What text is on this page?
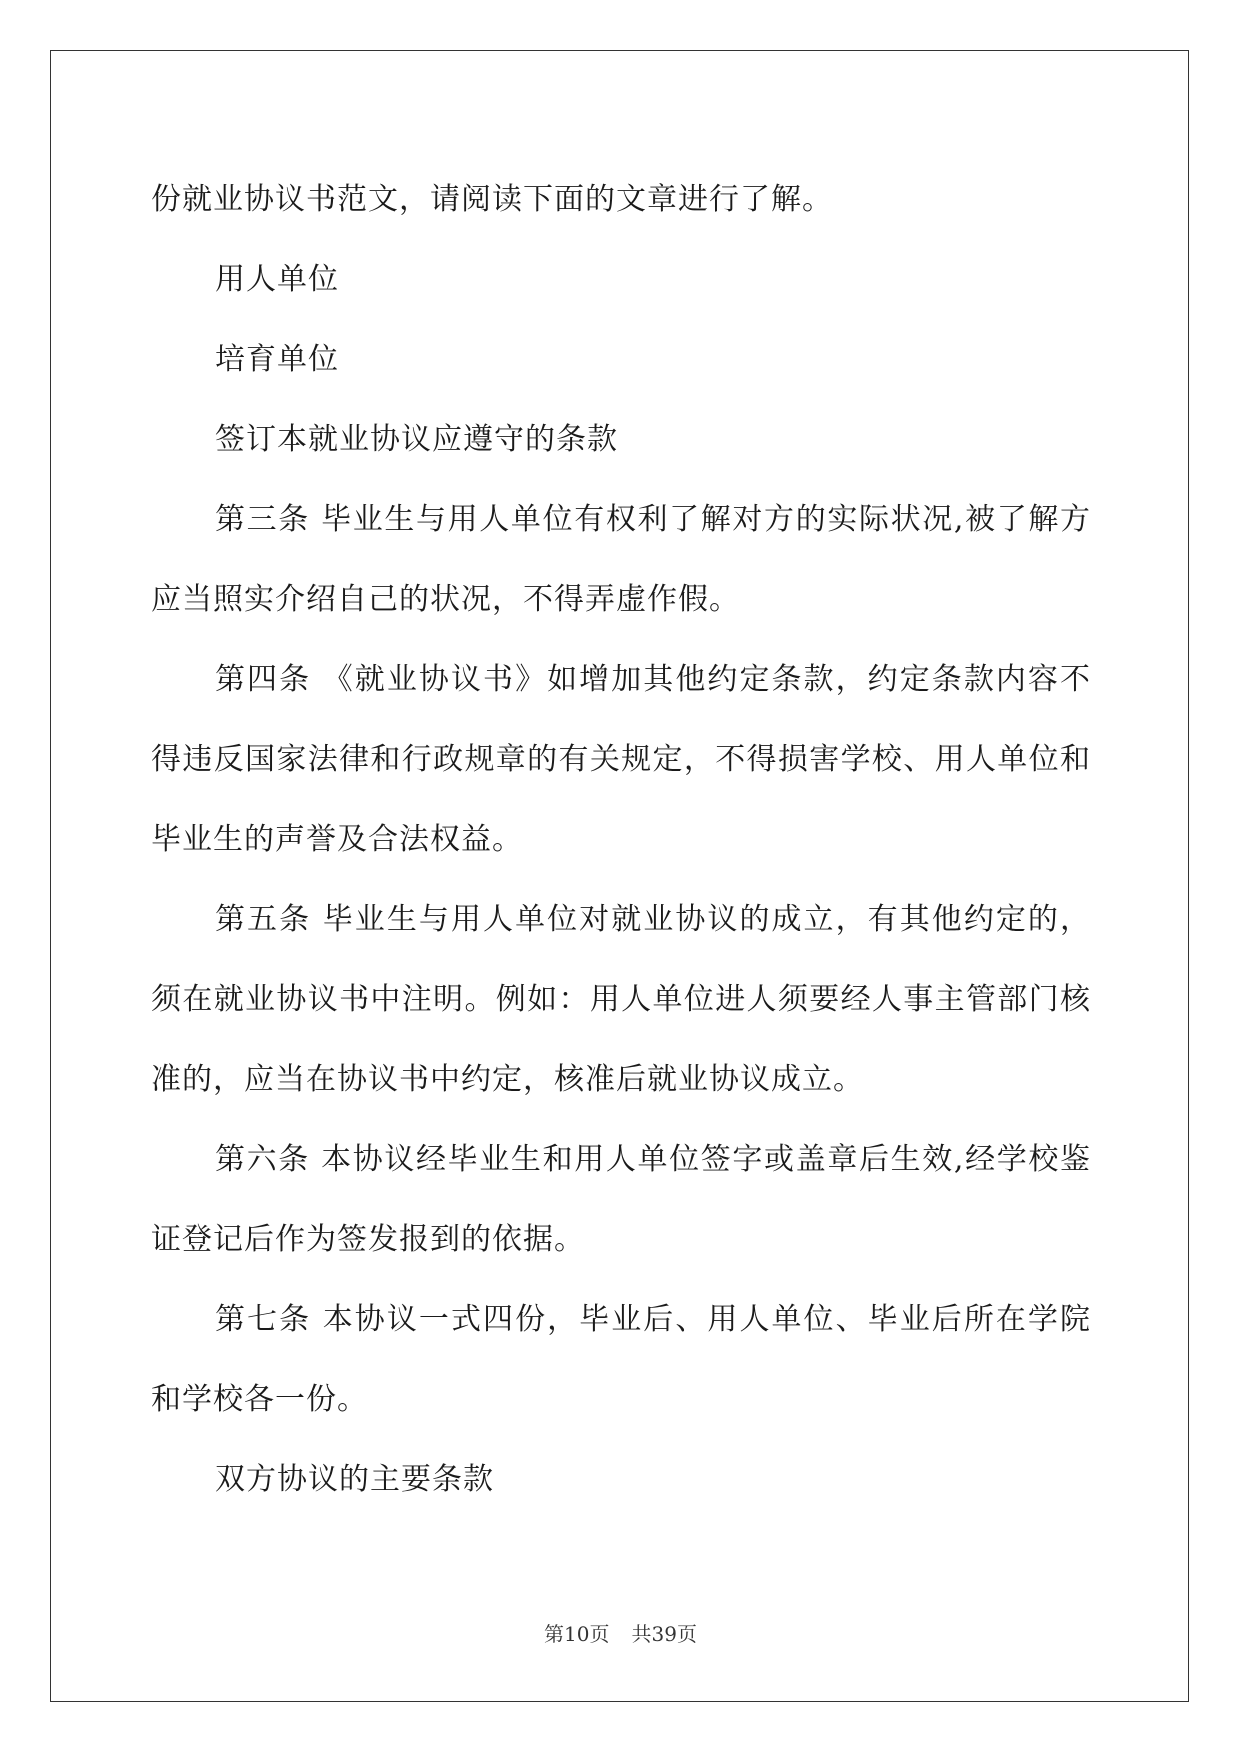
份就业协议书范文，请阅读下面的文章进行了解。

用人单位

培育单位

签订本就业协议应遵守的条款

第三条 毕业生与用人单位有权利了解对方的实际状况,被了解方应当照实介绍自己的状况，不得弄虚作假。

第四条 《就业协议书》如增加其他约定条款，约定条款内容不得违反国家法律和行政规章的有关规定，不得损害学校、用人单位和毕业生的声誉及合法权益。

第五条 毕业生与用人单位对就业协议的成立，有其他约定的，须在就业协议书中注明。例如：用人单位进人须要经人事主管部门核准的，应当在协议书中约定，核准后就业协议成立。

第六条 本协议经毕业生和用人单位签字或盖章后生效,经学校鉴证登记后作为签发报到的依据。

第七条 本协议一式四份，毕业后、用人单位、毕业后所在学院和学校各一份。

双方协议的主要条款

第10页 共39页
